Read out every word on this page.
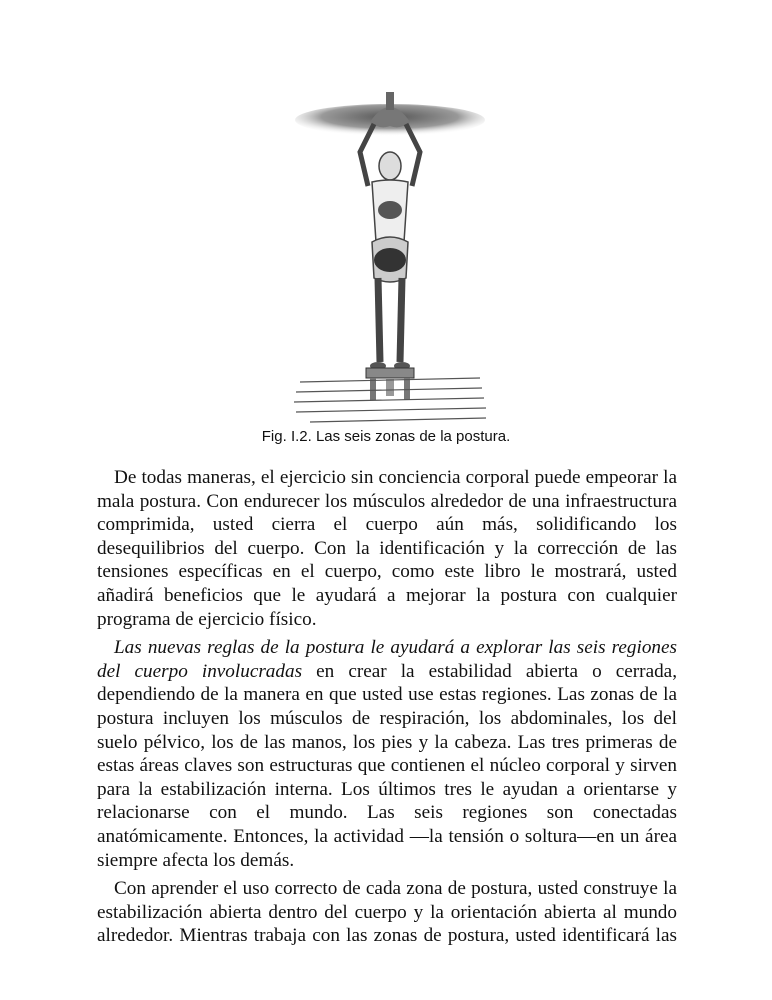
Fig. I.2. Las seis zonas de la postura.

De todas maneras, el ejercicio sin conciencia corporal puede empeorar la mala postura. Con endurecer los músculos alrededor de una infraestructura comprimida, usted cierra el cuerpo aún más, solidificando los desequilibrios del cuerpo. Con la identificación y la corrección de las tensiones específicas en el cuerpo, como este libro le mostrará, usted añadirá beneficios que le ayudará a mejorar la postura con cualquier programa de ejercicio físico.

Las nuevas reglas de la postura le ayudará a explorar las seis regiones del cuerpo involucradas en crear la estabilidad abierta o cerrada, dependiendo de la manera en que usted use estas regiones. Las zonas de la postura incluyen los músculos de respiración, los abdominales, los del suelo pélvico, los de las manos, los pies y la cabeza. Las tres primeras de estas áreas claves son estructuras que contienen el núcleo corporal y sirven para la estabilización interna. Los últimos tres le ayudan a orientarse y relacionarse con el mundo. Las seis regiones son conectadas anatómicamente. Entonces, la actividad —la tensión o soltura—en un área siempre afecta los demás.

Con aprender el uso correcto de cada zona de postura, usted construye la estabilización abierta dentro del cuerpo y la orientación abierta al mundo alrededor. Mientras trabaja con las zonas de postura, usted identificará las
